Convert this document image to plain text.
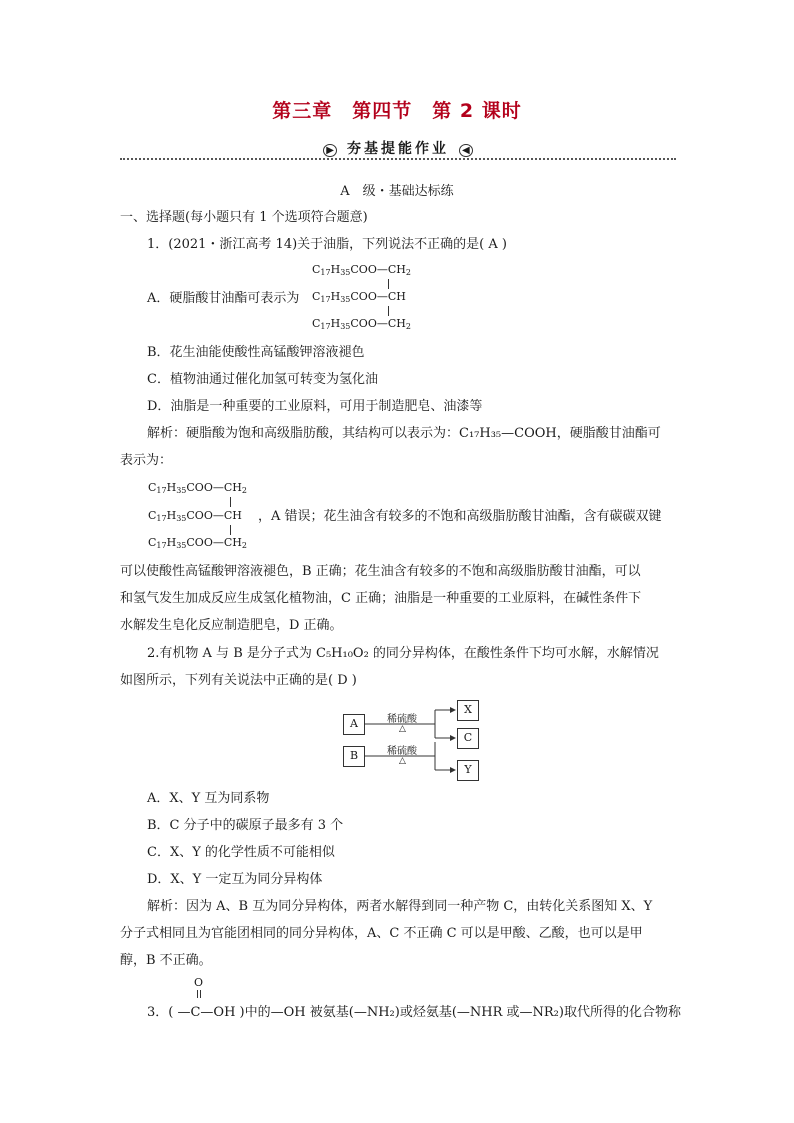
第三章　第四节　第 2 课时
▶ 夯基提能作业 ◀
A　级・基础达标练
一、选择题(每小题只有 1 个选项符合题意)
1．(2021・浙江高考 14)关于油脂，下列说法不正确的是( A )
$C_{17}H_{35}COO—CH_2$
A．硬脂酸甘油酯可表示为 $C_{17}H_{35}COO—CH$
$C_{17}H_{35}COO—CH_2$
B．花生油能使酸性高锰酸钾溶液褪色
C．植物油通过催化加氢可转变为氢化油
D．油脂是一种重要的工业原料，可用于制造肥皂、油漆等
解析：硬脂酸为饱和高级脂肪酸，其结构可以表示为：C₁₇H₃₅—COOH，硬脂酸甘油酯可
表示为：
$C_{17}H_{35}COO—CH_2$
$C_{17}H_{35}COO—CH$ ，A 错误；花生油含有较多的不饱和高级脂肪酸甘油酯，含有碳碳双键
$C_{17}H_{35}COO—CH_2$
可以使酸性高锰酸钾溶液褪色，B 正确；花生油含有较多的不饱和高级脂肪酸甘油酯，可以
和氢气发生加成反应生成氢化植物油，C 正确；油脂是一种重要的工业原料，在碱性条件下
水解发生皂化反应制造肥皂，D 正确。
2.有机物 A 与 B 是分子式为 C₅H₁₀O₂ 的同分异构体，在酸性条件下均可水解，水解情况
如图所示，下列有关说法中正确的是( D )
A
B
X
C
Y
稀硫酸
△
稀硫酸
△
A．X、Y 互为同系物
B．C 分子中的碳原子最多有 3 个
C．X、Y 的化学性质不可能相似
D．X、Y 一定互为同分异构体
解析：因为 A、B 互为同分异构体，两者水解得到同一种产物 C，由转化关系图知 X、Y
分子式相同且为官能团相同的同分异构体，A、C 不正确 C 可以是甲酸、乙酸，也可以是甲
醇，B 不正确。
O
3．( —C—OH )中的—OH 被氨基(—NH₂)或烃氨基(—NHR 或—NR₂)取代所得的化合物称
